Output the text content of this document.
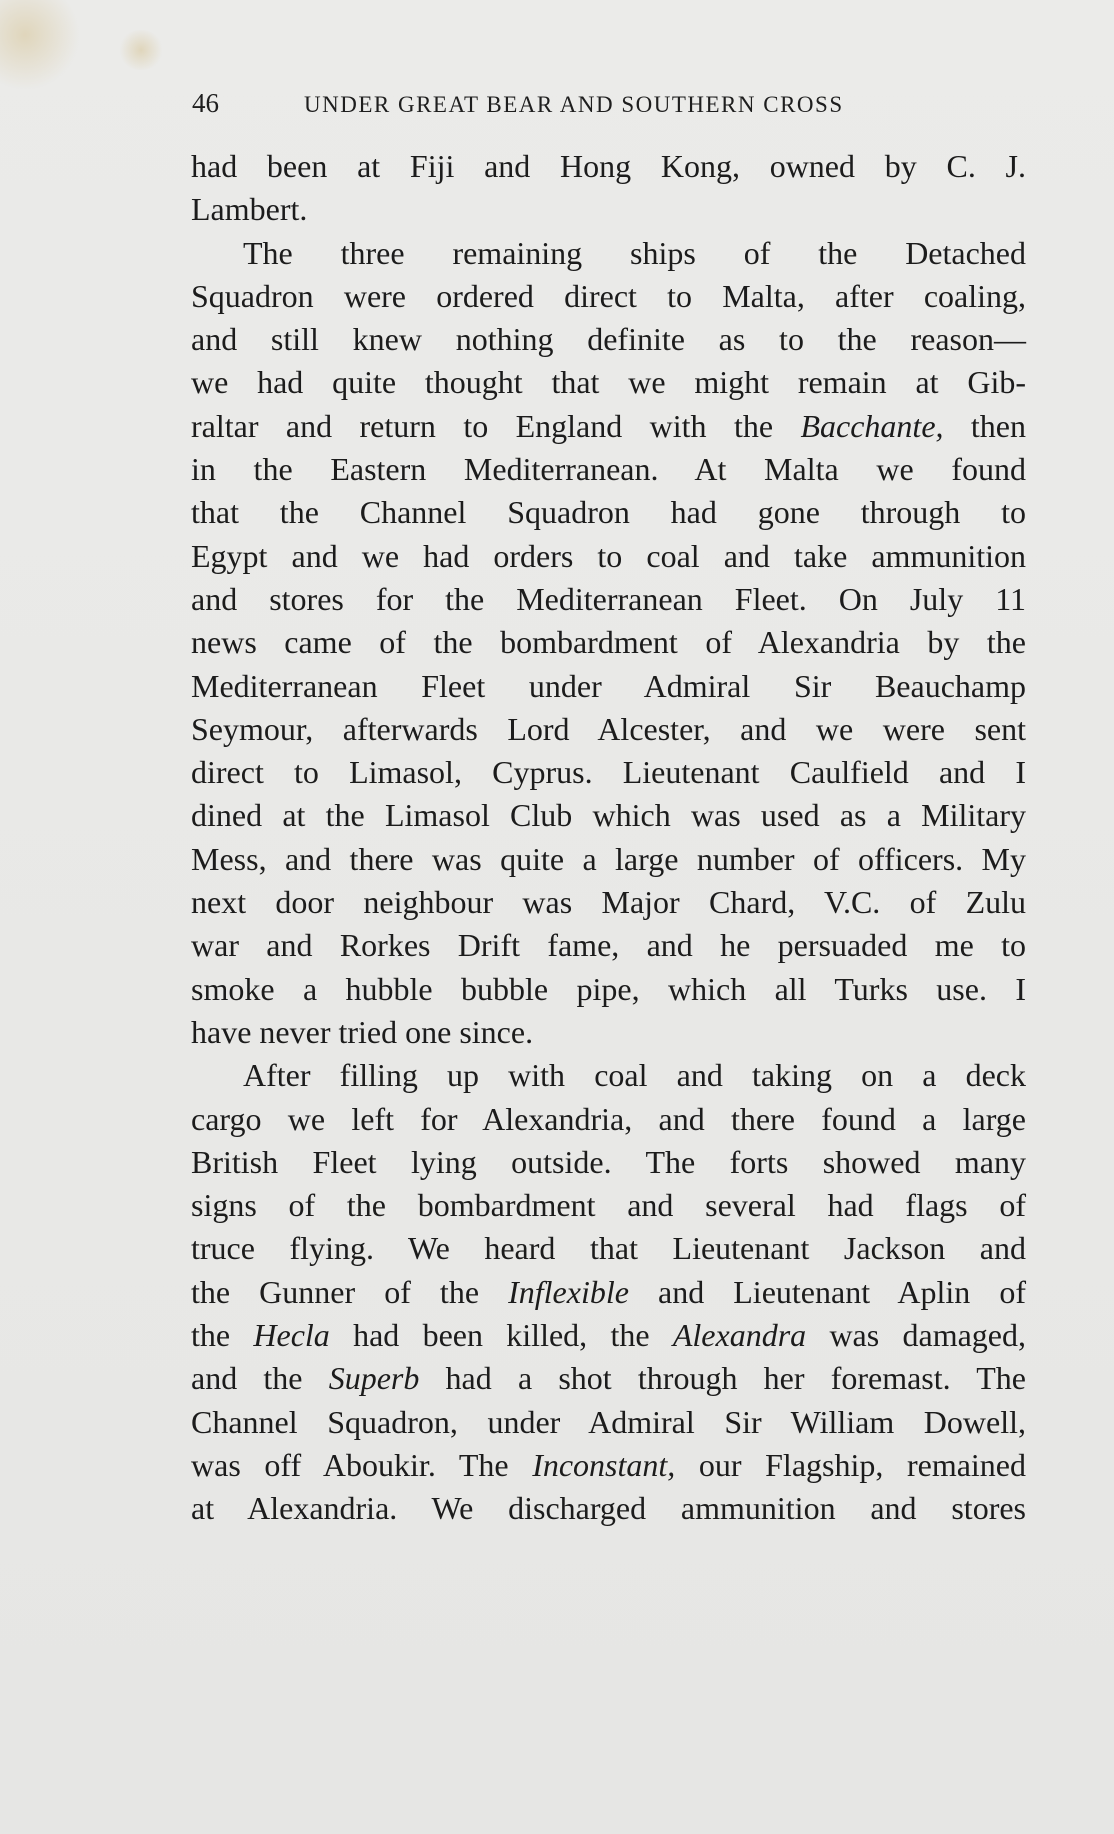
46	UNDER GREAT BEAR AND SOUTHERN CROSS
had been at Fiji and Hong Kong, owned by C. J.
Lambert.
The three remaining ships of the Detached
Squadron were ordered direct to Malta, after coaling,
and still knew nothing definite as to the reason—
we had quite thought that we might remain at Gib-
raltar and return to England with the Bacchante, then
in the Eastern Mediterranean. At Malta we found
that the Channel Squadron had gone through to
Egypt and we had orders to coal and take ammunition
and stores for the Mediterranean Fleet. On July 11
news came of the bombardment of Alexandria by the
Mediterranean Fleet under Admiral Sir Beauchamp
Seymour, afterwards Lord Alcester, and we were sent
direct to Limasol, Cyprus. Lieutenant Caulfield and I
dined at the Limasol Club which was used as a Military
Mess, and there was quite a large number of officers. My
next door neighbour was Major Chard, V.C. of Zulu
war and Rorkes Drift fame, and he persuaded me to
smoke a hubble bubble pipe, which all Turks use. I
have never tried one since.
After filling up with coal and taking on a deck
cargo we left for Alexandria, and there found a large
British Fleet lying outside. The forts showed many
signs of the bombardment and several had flags of
truce flying. We heard that Lieutenant Jackson and
the Gunner of the Inflexible and Lieutenant Aplin of
the Hecla had been killed, the Alexandra was damaged,
and the Superb had a shot through her foremast. The
Channel Squadron, under Admiral Sir William Dowell,
was off Aboukir. The Inconstant, our Flagship, remained
at Alexandria. We discharged ammunition and stores
